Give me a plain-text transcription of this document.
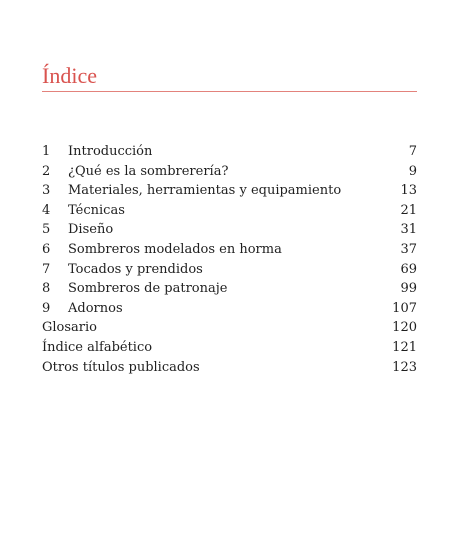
Índice
1 Introducción	7
2 ¿Qué es la sombrerería?	9
3 Materiales, herramientas y equipamiento	13
4 Técnicas	21
5 Diseño	31
6 Sombreros modelados en horma	37
7 Tocados y prendidos	69
8 Sombreros de patronaje	99
9 Adornos	107
Glosario	120
Índice alfabético	121
Otros títulos publicados	123
